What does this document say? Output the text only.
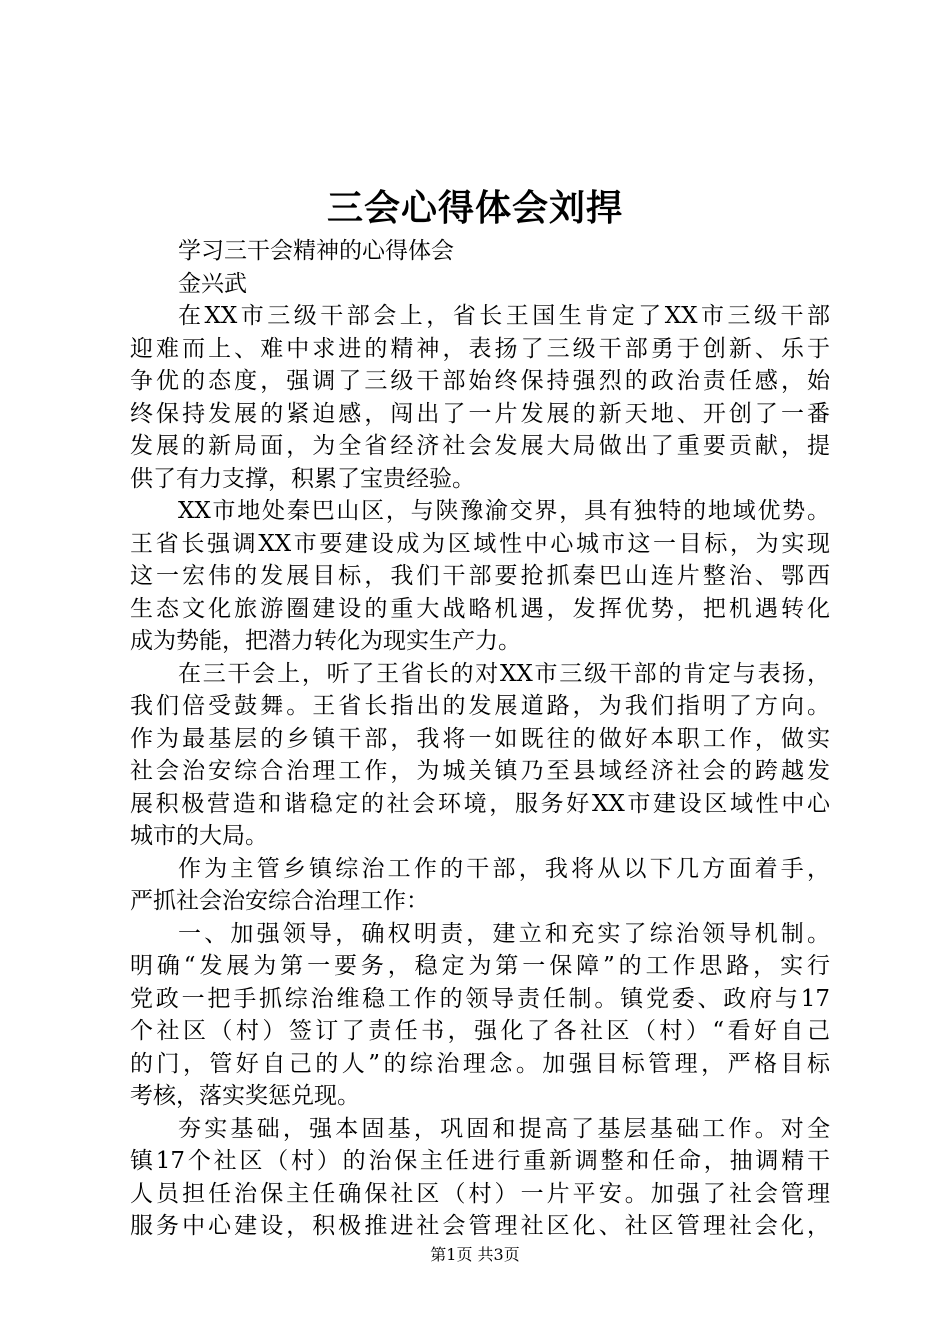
三会心得体会刘捍

学习三干会精神的心得体会

金兴武

在XX市三级干部会上，省长王国生肯定了XX市三级干部

迎难而上、难中求进的精神，表扬了三级干部勇于创新、乐于

争优的态度，强调了三级干部始终保持强烈的政治责任感，始

终保持发展的紧迫感，闯出了一片发展的新天地、开创了一番

发展的新局面，为全省经济社会发展大局做出了重要贡献，提

供了有力支撑，积累了宝贵经验。

XX市地处秦巴山区，与陕豫渝交界，具有独特的地域优势。

王省长强调XX市要建设成为区域性中心城市这一目标，为实现

这一宏伟的发展目标，我们干部要抢抓秦巴山连片整治、鄂西

生态文化旅游圈建设的重大战略机遇，发挥优势，把机遇转化

成为势能，把潜力转化为现实生产力。

在三干会上，听了王省长的对XX市三级干部的肯定与表扬，

我们倍受鼓舞。王省长指出的发展道路，为我们指明了方向。

作为最基层的乡镇干部，我将一如既往的做好本职工作，做实

社会治安综合治理工作，为城关镇乃至县域经济社会的跨越发

展积极营造和谐稳定的社会环境，服务好XX市建设区域性中心

城市的大局。

作为主管乡镇综治工作的干部，我将从以下几方面着手，

严抓社会治安综合治理工作：

一、加强领导，确权明责，建立和充实了综治领导机制。

明确“发展为第一要务，稳定为第一保障”的工作思路，实行

党政一把手抓综治维稳工作的领导责任制。镇党委、政府与17

个社区（村）签订了责任书，强化了各社区（村）“看好自己

的门，管好自己的人”的综治理念。加强目标管理，严格目标

考核，落实奖惩兑现。

夯实基础，强本固基，巩固和提高了基层基础工作。对全

镇17个社区（村）的治保主任进行重新调整和任命，抽调精干

人员担任治保主任确保社区（村）一片平安。加强了社会管理

服务中心建设，积极推进社会管理社区化、社区管理社会化，

第1页 共3页
